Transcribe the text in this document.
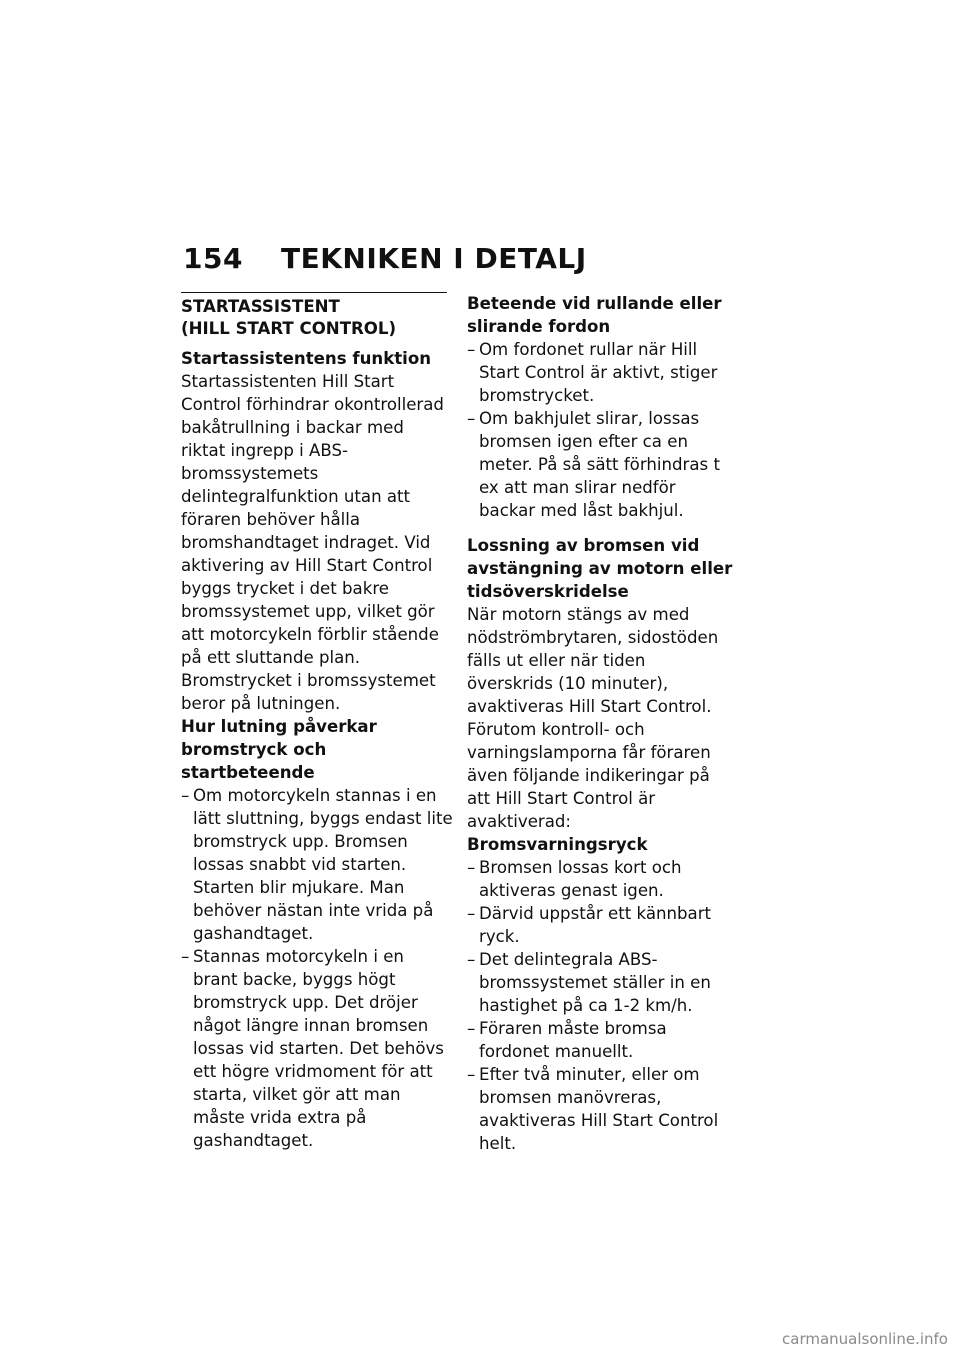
154 TEKNIKEN I DETALJ
STARTASSISTENT
(HILL START CONTROL)

Startassistentens funktion

Startassistenten Hill Start Control förhindrar okontrollerad bakåtrullning i backar med riktat ingrepp i ABS-bromssystemets delintegralfunktion utan att föraren behöver hålla bromshandtaget indraget. Vid aktivering av Hill Start Control byggs trycket i det bakre bromssystemet upp, vilket gör att motorcykeln förblir stående på ett sluttande plan.

Bromstrycket i bromssystemet beror på lutningen.

Hur lutning påverkar bromstryck och startbeteende

– Om motorcykeln stannas i en lätt sluttning, byggs endast lite bromstryck upp. Bromsen lossas snabbt vid starten. Starten blir mjukare. Man behöver nästan inte vrida på gashandtaget.
– Stannas motorcykeln i en brant backe, byggs högt bromstryck upp. Det dröjer något längre innan bromsen lossas vid starten. Det behövs ett högre vridmoment för att starta, vilket gör att man måste vrida extra på gashandtaget.

Beteende vid rullande eller slirande fordon

– Om fordonet rullar när Hill Start Control är aktivt, stiger bromstrycket.
– Om bakhjulet slirar, lossas bromsen igen efter ca en meter. På så sätt förhindras t ex att man slirar nedför backar med låst bakhjul.

Lossning av bromsen vid avstängning av motorn eller tidsöverskridelse

När motorn stängs av med nödströmbrytaren, sidostöden fälls ut eller när tiden överskrids (10 minuter), avaktiveras Hill Start Control.

Förutom kontroll- och varningslamporna får föraren även följande indikeringar på att Hill Start Control är avaktiverad:

Bromsvarningsryck

– Bromsen lossas kort och aktiveras genast igen.
– Därvid uppstår ett kännbart ryck.
– Det delintegrala ABS-bromssystemet ställer in en hastighet på ca 1-2 km/h.
– Föraren måste bromsa fordonet manuellt.
– Efter två minuter, eller om bromsen manövreras, avaktiveras Hill Start Control helt.
carmanualsonline.info
